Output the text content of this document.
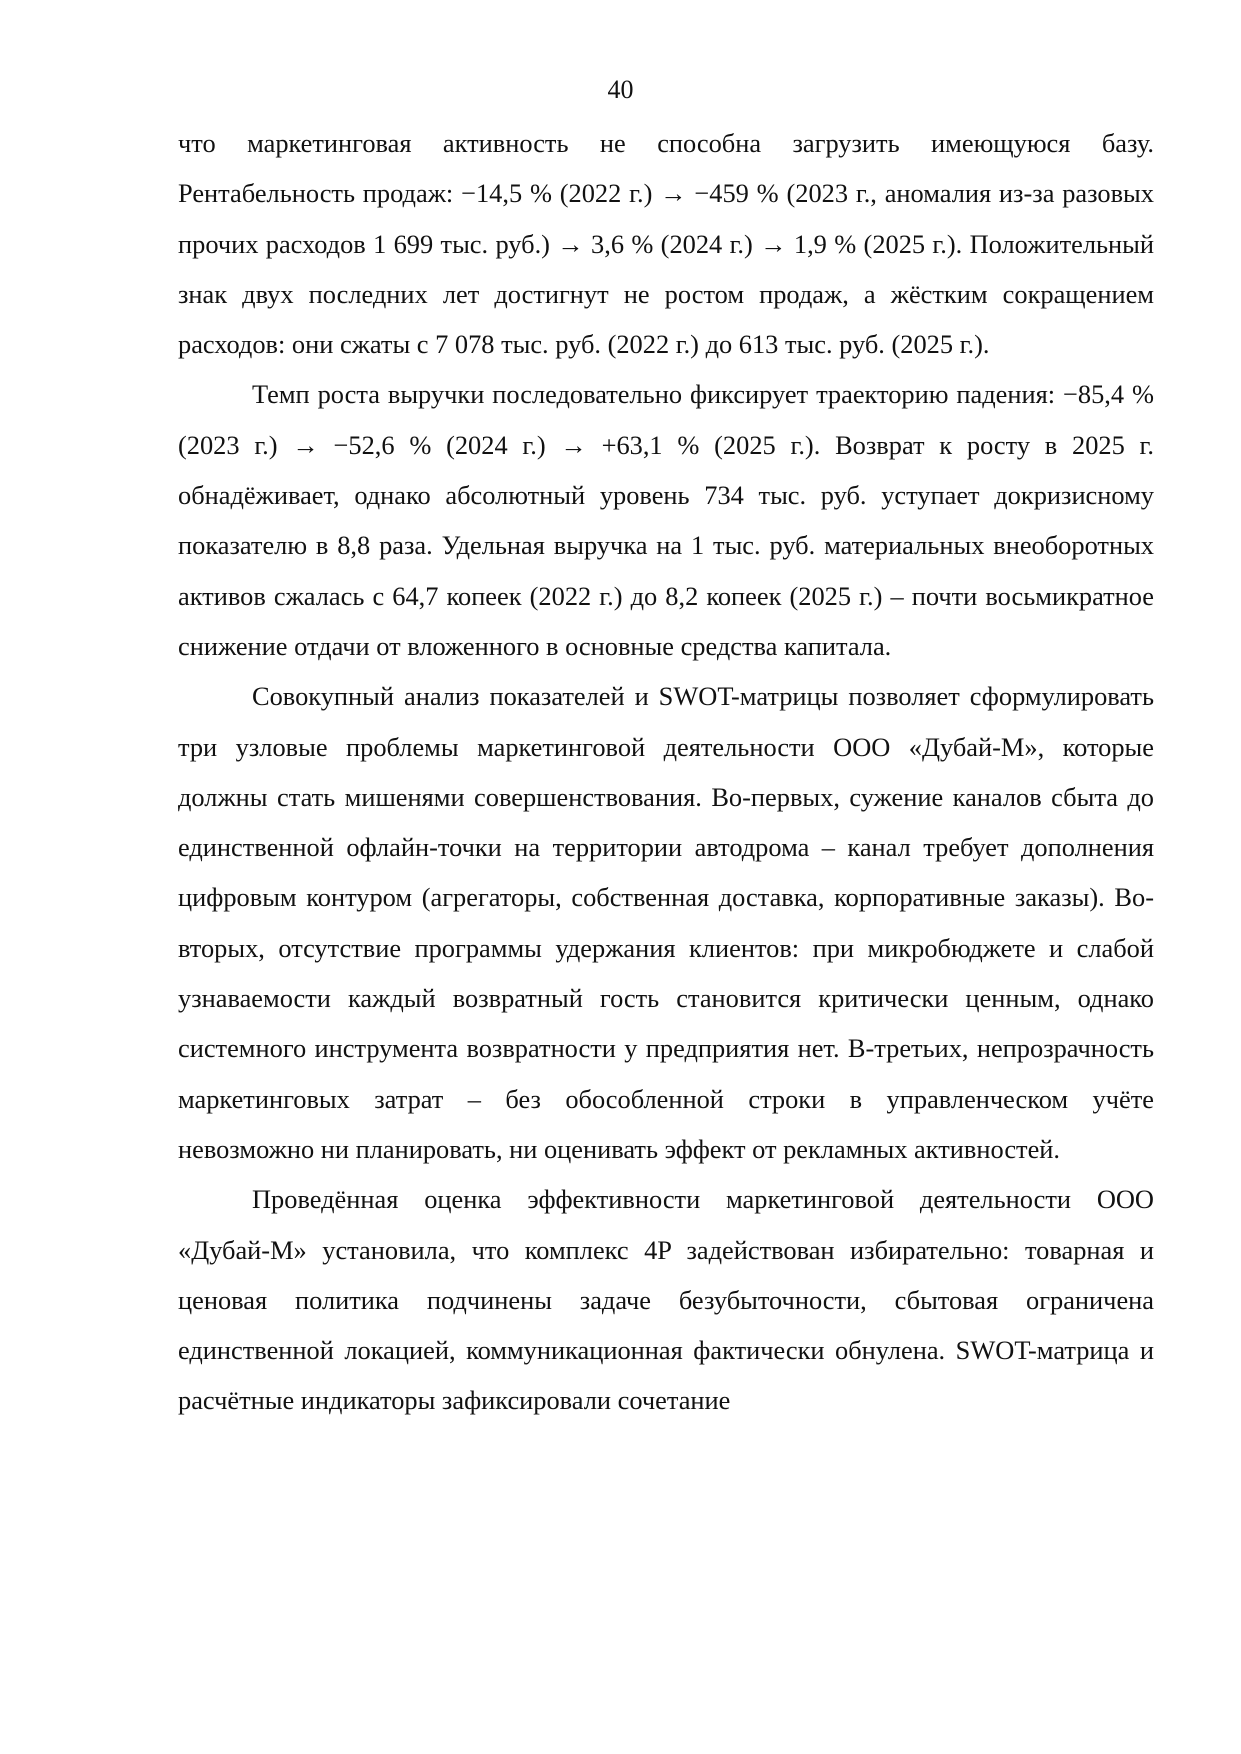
40

что маркетинговая активность не способна загрузить имеющуюся базу. Рентабельность продаж: −14,5 % (2022 г.) → −459 % (2023 г., аномалия из-за разовых прочих расходов 1 699 тыс. руб.) → 3,6 % (2024 г.) → 1,9 % (2025 г.). Положительный знак двух последних лет достигнут не ростом продаж, а жёстким сокращением расходов: они сжаты с 7 078 тыс. руб. (2022 г.) до 613 тыс. руб. (2025 г.).

Темп роста выручки последовательно фиксирует траекторию падения: −85,4 % (2023 г.) → −52,6 % (2024 г.) → +63,1 % (2025 г.). Возврат к росту в 2025 г. обнадёживает, однако абсолютный уровень 734 тыс. руб. уступает докризисному показателю в 8,8 раза. Удельная выручка на 1 тыс. руб. материальных внеоборотных активов сжалась с 64,7 копеек (2022 г.) до 8,2 копеек (2025 г.) – почти восьмикратное снижение отдачи от вложенного в основные средства капитала.

Совокупный анализ показателей и SWOT-матрицы позволяет сформулировать три узловые проблемы маркетинговой деятельности ООО «Дубай-М», которые должны стать мишенями совершенствования. Во-первых, сужение каналов сбыта до единственной офлайн-точки на территории автодрома – канал требует дополнения цифровым контуром (агрегаторы, собственная доставка, корпоративные заказы). Во-вторых, отсутствие программы удержания клиентов: при микробюджете и слабой узнаваемости каждый возвратный гость становится критически ценным, однако системного инструмента возвратности у предприятия нет. В-третьих, непрозрачность маркетинговых затрат – без обособленной строки в управленческом учёте невозможно ни планировать, ни оценивать эффект от рекламных активностей.

Проведённая оценка эффективности маркетинговой деятельности ООО «Дубай-М» установила, что комплекс 4P задействован избирательно: товарная и ценовая политика подчинены задаче безубыточности, сбытовая ограничена единственной локацией, коммуникационная фактически обнулена. SWOT-матрица и расчётные индикаторы зафиксировали сочетание
